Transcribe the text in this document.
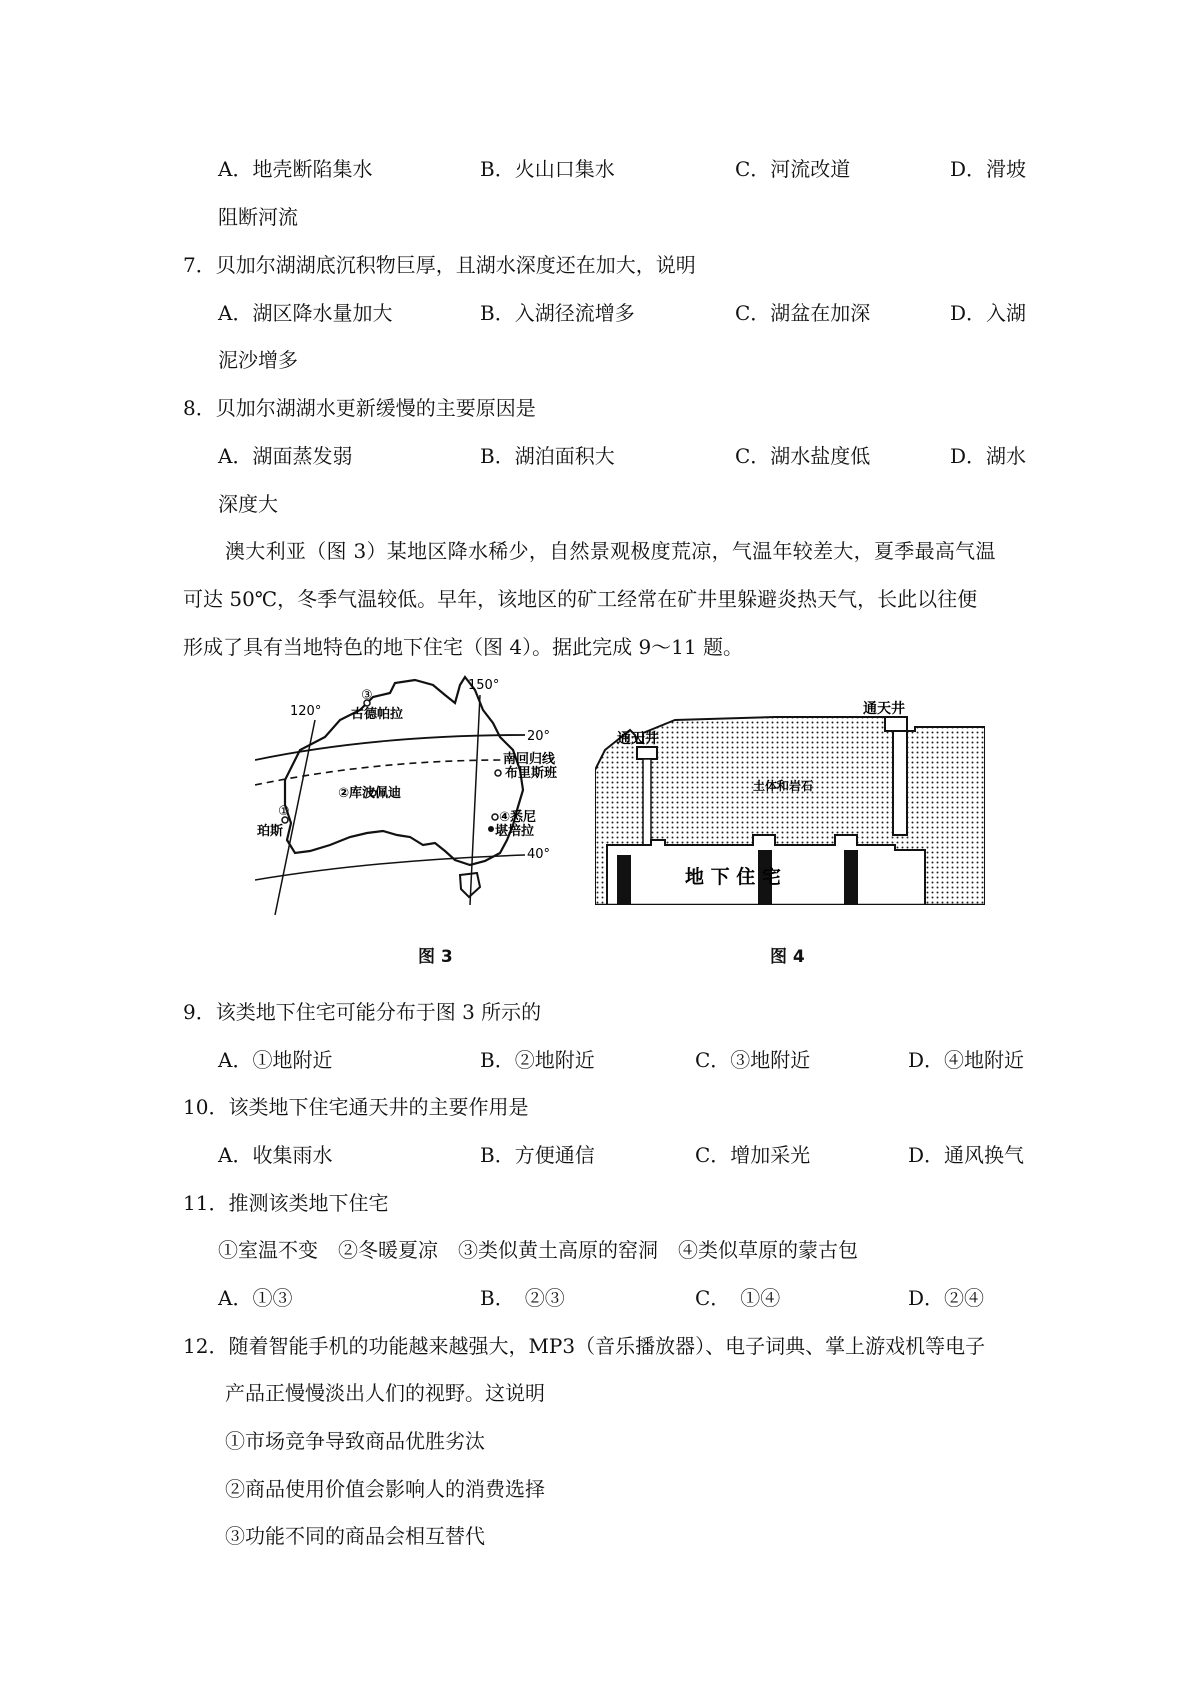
A．地壳断陷集水	B．火山口集水	C．河流改道	D．滑坡
阻断河流
7．贝加尔湖湖底沉积物巨厚，且湖水深度还在加大，说明
A．湖区降水量加大	B．入湖径流增多	C．湖盆在加深	D．入湖
泥沙增多
8．贝加尔湖湖水更新缓慢的主要原因是
A．湖面蒸发弱	B．湖泊面积大	C．湖水盐度低	D．湖水
深度大
澳大利亚（图 3）某地区降水稀少，自然景观极度荒凉，气温年较差大，夏季最高气温
可达 50℃，冬季气温较低。早年，该地区的矿工经常在矿井里躲避炎热天气，长此以往便
形成了具有当地特色的地下住宅（图 4）。据此完成 9～11 题。
120°
150°
20°
40°
南回归线
③
古德帕拉
②库波佩迪
①
珀斯
布里斯班
④悉尼
堪培拉
图 3
通天井
通天井
土体和岩石
地 下 住 宅
图 4
9．该类地下住宅可能分布于图 3 所示的
A．①地附近	B．②地附近	C．③地附近	D．④地附近
10．该类地下住宅通天井的主要作用是
A．收集雨水	B．方便通信	C．增加采光	D．通风换气
11．推测该类地下住宅
①室温不变　②冬暖夏凉　③类似黄土高原的窑洞　④类似草原的蒙古包
A．①③	B．　②③	C．　①④	D．②④
12．随着智能手机的功能越来越强大，MP3（音乐播放器）、电子词典、掌上游戏机等电子
产品正慢慢淡出人们的视野。这说明
①市场竞争导致商品优胜劣汰
②商品使用价值会影响人的消费选择
③功能不同的商品会相互替代
